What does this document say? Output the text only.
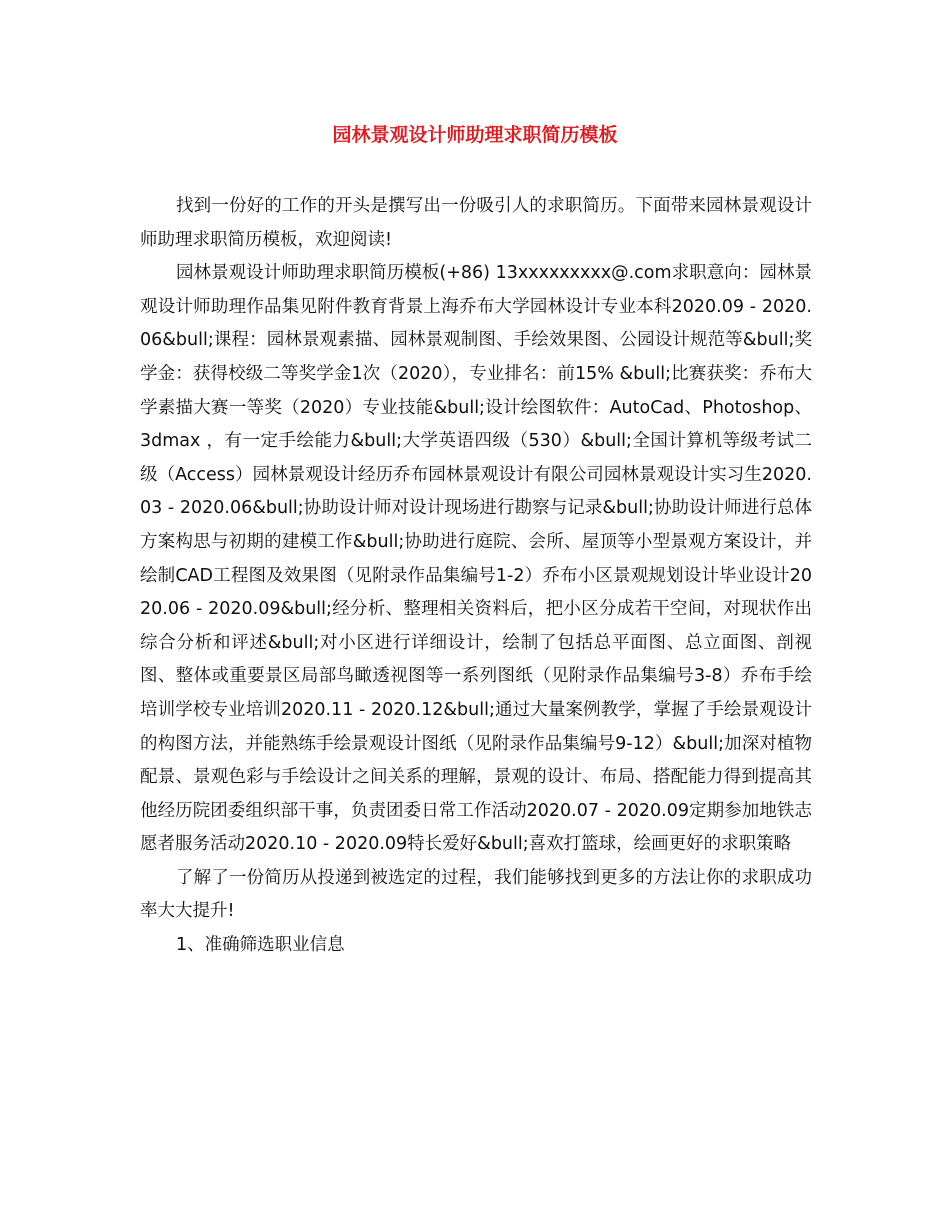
园林景观设计师助理求职简历模板

找到一份好的工作的开头是撰写出一份吸引人的求职简历。下面带来园林景观设计师助理求职简历模板，欢迎阅读!

园林景观设计师助理求职简历模板(+86) 13xxxxxxxxx@.com求职意向：园林景观设计师助理作品集见附件教育背景上海乔布大学园林设计专业本科2020.09 - 2020.06&bull;课程：园林景观素描、园林景观制图、手绘效果图、公园设计规范等&bull;奖学金：获得校级二等奖学金1次（2020），专业排名：前15% &bull;比赛获奖：乔布大学素描大赛一等奖（2020）专业技能&bull;设计绘图软件：AutoCad、Photoshop、3dmax ，有一定手绘能力&bull;大学英语四级（530）&bull;全国计算机等级考试二级（Access）园林景观设计经历乔布园林景观设计有限公司园林景观设计实习生2020.03 - 2020.06&bull;协助设计师对设计现场进行勘察与记录&bull;协助设计师进行总体方案构思与初期的建模工作&bull;协助进行庭院、会所、屋顶等小型景观方案设计，并绘制CAD工程图及效果图（见附录作品集编号1-2）乔布小区景观规划设计毕业设计2020.06 - 2020.09&bull;经分析、整理相关资料后，把小区分成若干空间，对现状作出综合分析和评述&bull;对小区进行详细设计，绘制了包括总平面图、总立面图、剖视图、整体或重要景区局部鸟瞰透视图等一系列图纸（见附录作品集编号3-8）乔布手绘培训学校专业培训2020.11 - 2020.12&bull;通过大量案例教学，掌握了手绘景观设计的构图方法，并能熟练手绘景观设计图纸（见附录作品集编号9-12）&bull;加深对植物配景、景观色彩与手绘设计之间关系的理解，景观的设计、布局、搭配能力得到提高其他经历院团委组织部干事，负责团委日常工作活动2020.07 - 2020.09定期参加地铁志愿者服务活动2020.10 - 2020.09特长爱好&bull;喜欢打篮球，绘画更好的求职策略

了解了一份简历从投递到被选定的过程，我们能够找到更多的方法让你的求职成功率大大提升!

1、准确筛选职业信息
